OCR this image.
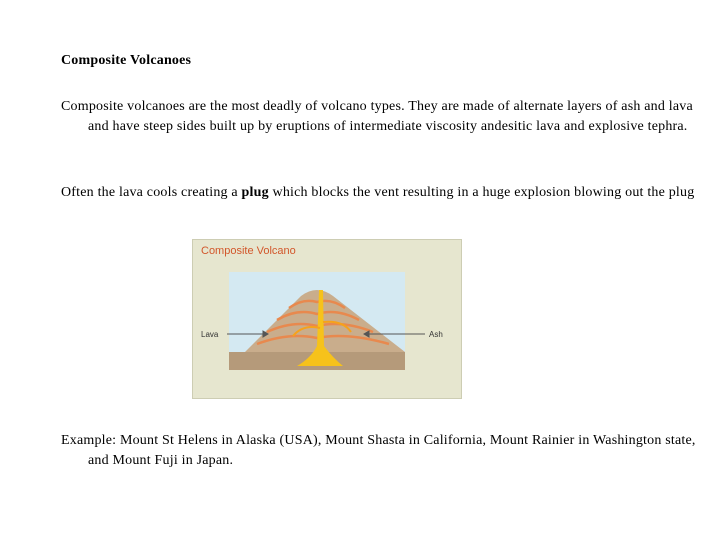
Composite Volcanoes

Composite volcanoes are the most deadly of volcano types. They are made of alternate layers of ash and lava and have steep sides built up by eruptions of intermediate viscosity andesitic lava and explosive tephra.

Often the lava cools creating a plug which blocks the vent resulting in a huge explosion blowing out the plug

Composite Volcano
Lava	Ash

Example: Mount St Helens in Alaska (USA), Mount Shasta in California, Mount Rainier in Washington state, and Mount Fuji in Japan.
